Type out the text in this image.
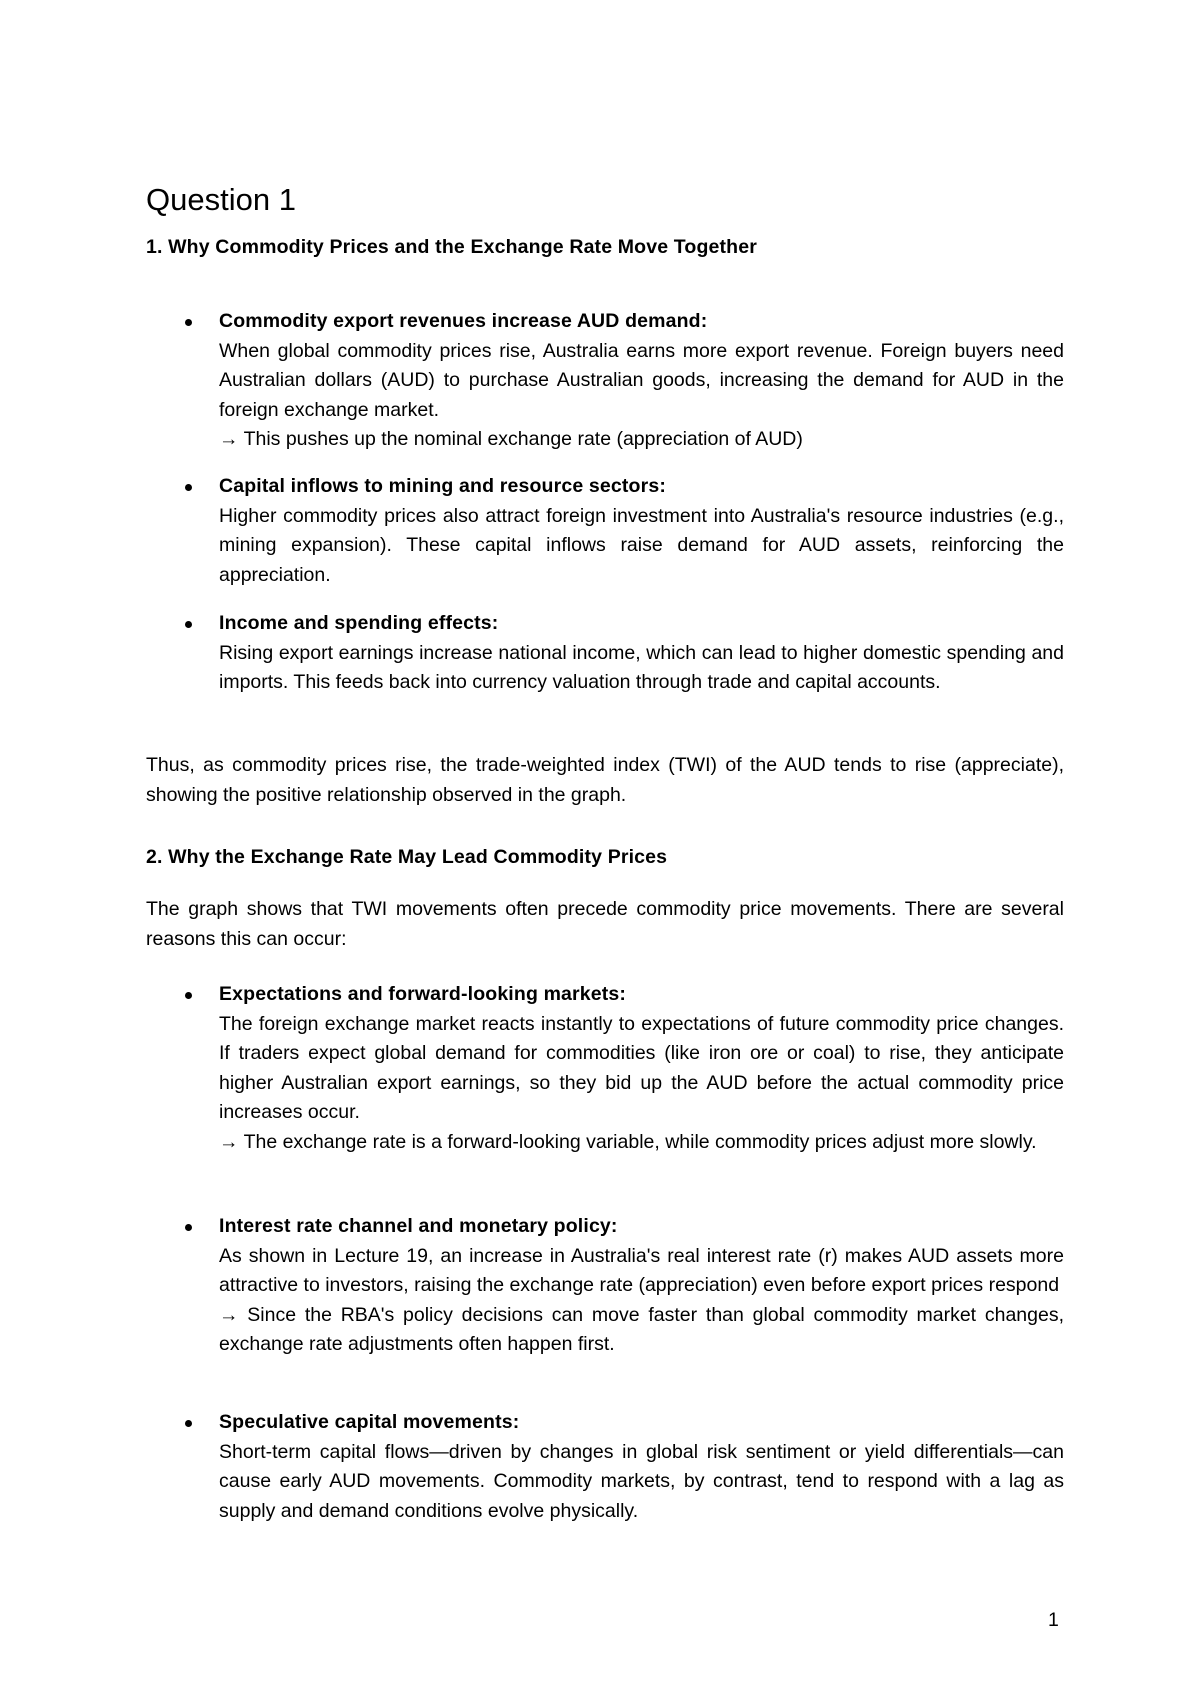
Question 1
1. Why Commodity Prices and the Exchange Rate Move Together
Commodity export revenues increase AUD demand:
When global commodity prices rise, Australia earns more export revenue. Foreign buyers need Australian dollars (AUD) to purchase Australian goods, increasing the demand for AUD in the foreign exchange market.
→ This pushes up the nominal exchange rate (appreciation of AUD)
Capital inflows to mining and resource sectors:
Higher commodity prices also attract foreign investment into Australia's resource industries (e.g., mining expansion). These capital inflows raise demand for AUD assets, reinforcing the appreciation.
Income and spending effects:
Rising export earnings increase national income, which can lead to higher domestic spending and imports. This feeds back into currency valuation through trade and capital accounts.

Thus, as commodity prices rise, the trade-weighted index (TWI) of the AUD tends to rise (appreciate), showing the positive relationship observed in the graph.

2. Why the Exchange Rate May Lead Commodity Prices

The graph shows that TWI movements often precede commodity price movements. There are several reasons this can occur:

Expectations and forward-looking markets:
The foreign exchange market reacts instantly to expectations of future commodity price changes. If traders expect global demand for commodities (like iron ore or coal) to rise, they anticipate higher Australian export earnings, so they bid up the AUD before the actual commodity price increases occur.
→ The exchange rate is a forward-looking variable, while commodity prices adjust more slowly.
Interest rate channel and monetary policy:
As shown in Lecture 19, an increase in Australia's real interest rate (r) makes AUD assets more attractive to investors, raising the exchange rate (appreciation) even before export prices respond
→ Since the RBA's policy decisions can move faster than global commodity market changes, exchange rate adjustments often happen first.
Speculative capital movements:
Short-term capital flows—driven by changes in global risk sentiment or yield differentials—can cause early AUD movements. Commodity markets, by contrast, tend to respond with a lag as supply and demand conditions evolve physically.
1
